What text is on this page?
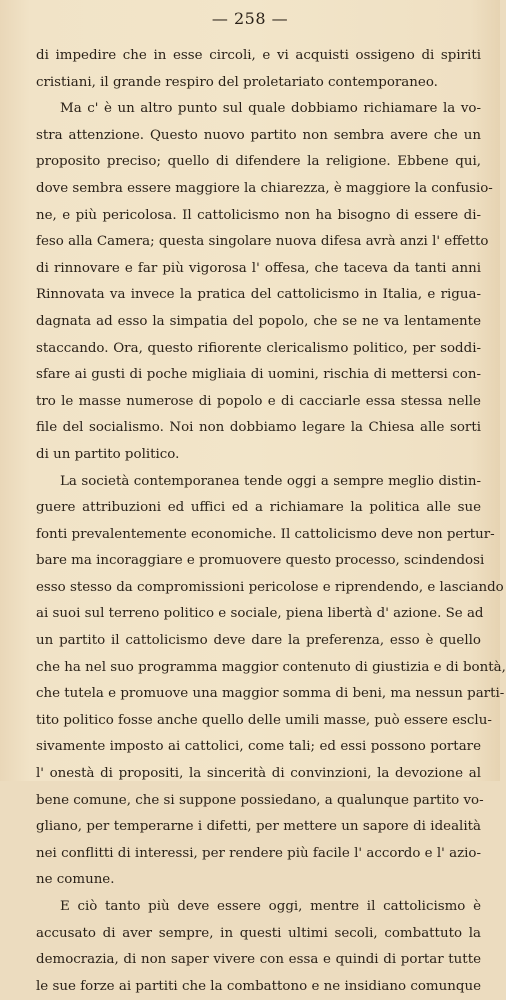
— 258 —
di impedire che in esse circoli, e vi acquisti ossigeno di spiriti
cristiani, il grande respiro del proletariato contemporaneo.
Ma c' è un altro punto sul quale dobbiamo richiamare la vo-
stra attenzione. Questo nuovo partito non sembra avere che un
proposito preciso; quello di difendere la religione. Ebbene qui,
dove sembra essere maggiore la chiarezza, è maggiore la confusio-
ne, e più pericolosa. Il cattolicismo non ha bisogno di essere di-
feso alla Camera; questa singolare nuova difesa avrà anzi l' effetto
di rinnovare e far più vigorosa l' offesa, che taceva da tanti anni
Rinnovata va invece la pratica del cattolicismo in Italia, e rigua-
dagnata ad esso la simpatia del popolo, che se ne va lentamente
staccando. Ora, questo rifiorente clericalismo politico, per soddi-
sfare ai gusti di poche migliaia di uomini, rischia di mettersi con-
tro le masse numerose di popolo e di cacciarle essa stessa nelle
file del socialismo. Noi non dobbiamo legare la Chiesa alle sorti
di un partito politico.
La società contemporanea tende oggi a sempre meglio distin-
guere attribuzioni ed uffici ed a richiamare la politica alle sue
fonti prevalentemente economiche. Il cattolicismo deve non pertur-
bare ma incoraggiare e promuovere questo processo, scindendosi
esso stesso da compromissioni pericolose e riprendendo, e lasciando
ai suoi sul terreno politico e sociale, piena libertà d' azione. Se ad
un partito il cattolicismo deve dare la preferenza, esso è quello
che ha nel suo programma maggior contenuto di giustizia e di bontà,
che tutela e promuove una maggior somma di beni, ma nessun parti-
tito politico fosse anche quello delle umili masse, può essere esclu-
sivamente imposto ai cattolici, come tali; ed essi possono portare
l' onestà di propositi, la sincerità di convinzioni, la devozione al
bene comune, che si suppone possiedano, a qualunque partito vo-
gliano, per temperarne i difetti, per mettere un sapore di idealità
nei conflitti di interessi, per rendere più facile l' accordo e l' azio-
ne comune.
E ciò tanto più deve essere oggi, mentre il cattolicismo è
accusato di aver sempre, in questi ultimi secoli, combattuto la
democrazia, di non saper vivere con essa e quindi di portar tutte
le sue forze ai partiti che la combattono e ne insidiano comunque
